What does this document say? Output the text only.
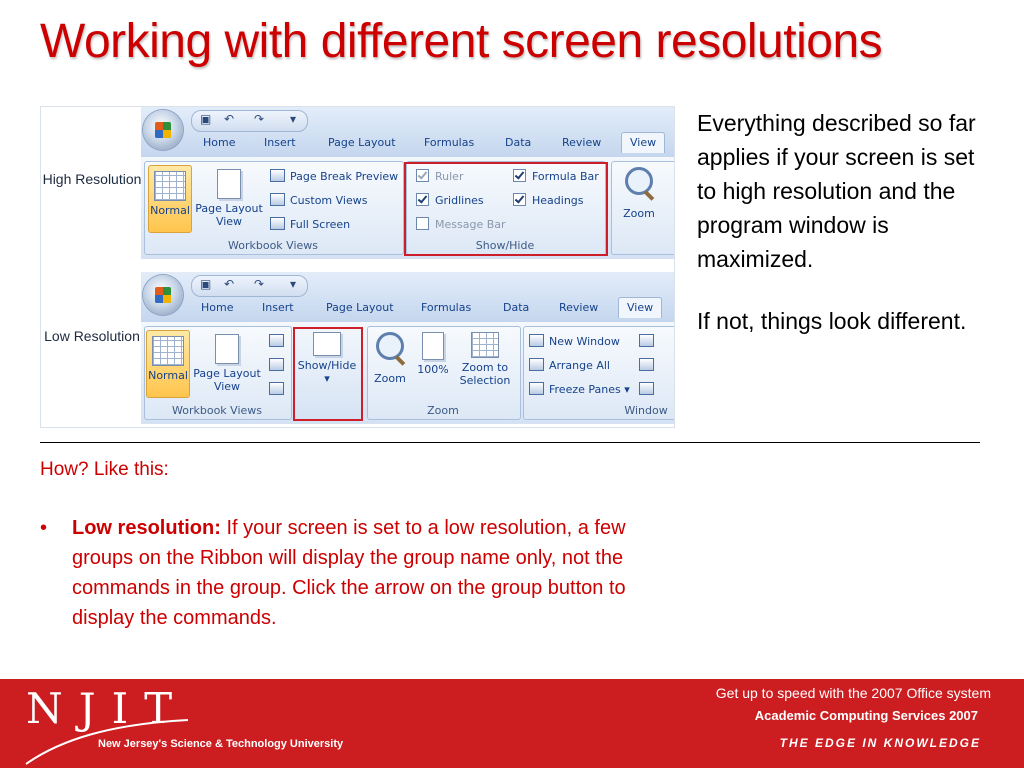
Working with different screen resolutions
High Resolution
Low Resolution
▣ ↶ ↷ ▾
Home	Insert	Page Layout	Formulas	Data	Review	View
Normal Page Layout View
Page Break Preview
Custom Views
Full Screen
Workbook Views
Ruler	Formula Bar
Gridlines	Headings
Message Bar
Show/Hide
Zoom
▣ ↶ ↷ ▾
Home	Insert	Page Layout Formulas	Data	Review	View
Normal Page Layout View
Workbook Views
Show/Hide
▾	Zoom
100%	Zoom to Selection
Zoom
New Window
Arrange All
Freeze Panes ▾
Window

Everything described so far applies if your screen is set to high resolution and the program window is maximized.

If not, things look different.

How? Like this:
• Low resolution: If your screen is set to a low resolution, a few groups on the Ribbon will display the group name only, not the commands in the group. Click the arrow on the group button to display the commands.
NJIT
New Jersey's Science & Technology University
Get up to speed with the 2007 Office system
Academic Computing Services 2007
THE EDGE IN KNOWLEDGE
